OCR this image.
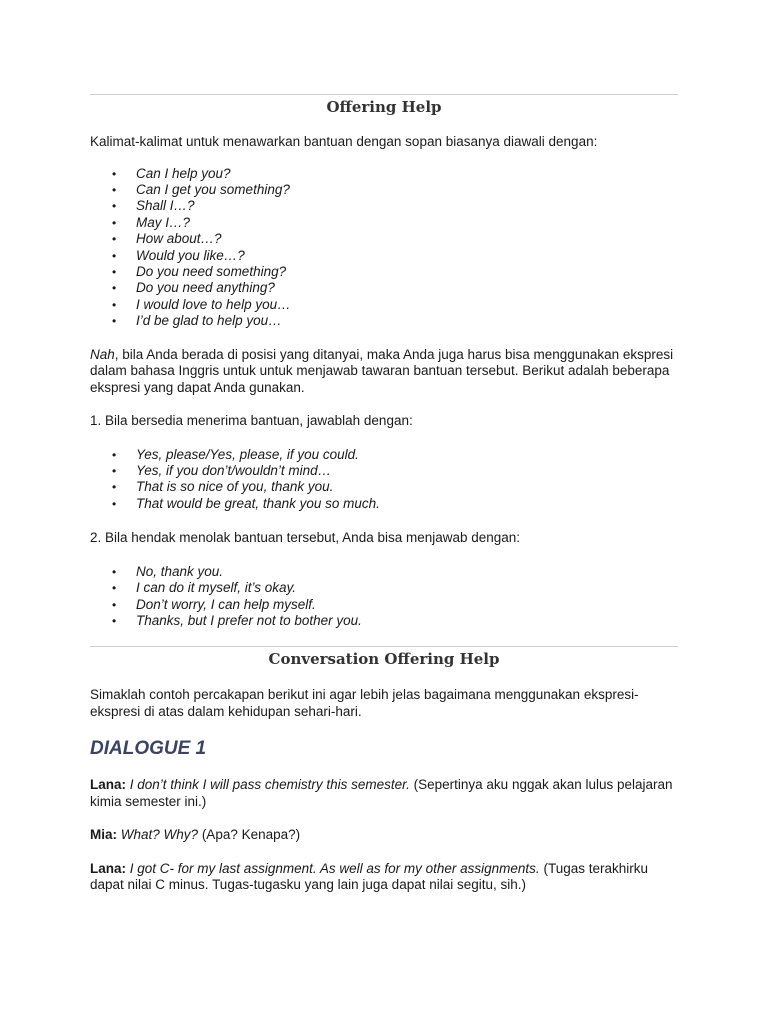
Offering Help

Kalimat-kalimat untuk menawarkan bantuan dengan sopan biasanya diawali dengan:

• Can I help you?
• Can I get you something?
• Shall I…?
• May I…?
• How about…?
• Would you like…?
• Do you need something?
• Do you need anything?
• I would love to help you…
• I’d be glad to help you…

Nah, bila Anda berada di posisi yang ditanyai, maka Anda juga harus bisa menggunakan ekspresi dalam bahasa Inggris untuk untuk menjawab tawaran bantuan tersebut. Berikut adalah beberapa ekspresi yang dapat Anda gunakan.

1. Bila bersedia menerima bantuan, jawablah dengan:

• Yes, please/Yes, please, if you could.
• Yes, if you don’t/wouldn’t mind…
• That is so nice of you, thank you.
• That would be great, thank you so much.

2. Bila hendak menolak bantuan tersebut, Anda bisa menjawab dengan:

• No, thank you.
• I can do it myself, it’s okay.
• Don’t worry, I can help myself.
• Thanks, but I prefer not to bother you.
Conversation Offering Help

Simaklah contoh percakapan berikut ini agar lebih jelas bagaimana menggunakan ekspresi-ekspresi di atas dalam kehidupan sehari-hari.

DIALOGUE 1

Lana: I don’t think I will pass chemistry this semester. (Sepertinya aku nggak akan lulus pelajaran kimia semester ini.)

Mia: What? Why? (Apa? Kenapa?)

Lana: I got C- for my last assignment. As well as for my other assignments. (Tugas terakhirku dapat nilai C minus. Tugas-tugasku yang lain juga dapat nilai segitu, sih.)
